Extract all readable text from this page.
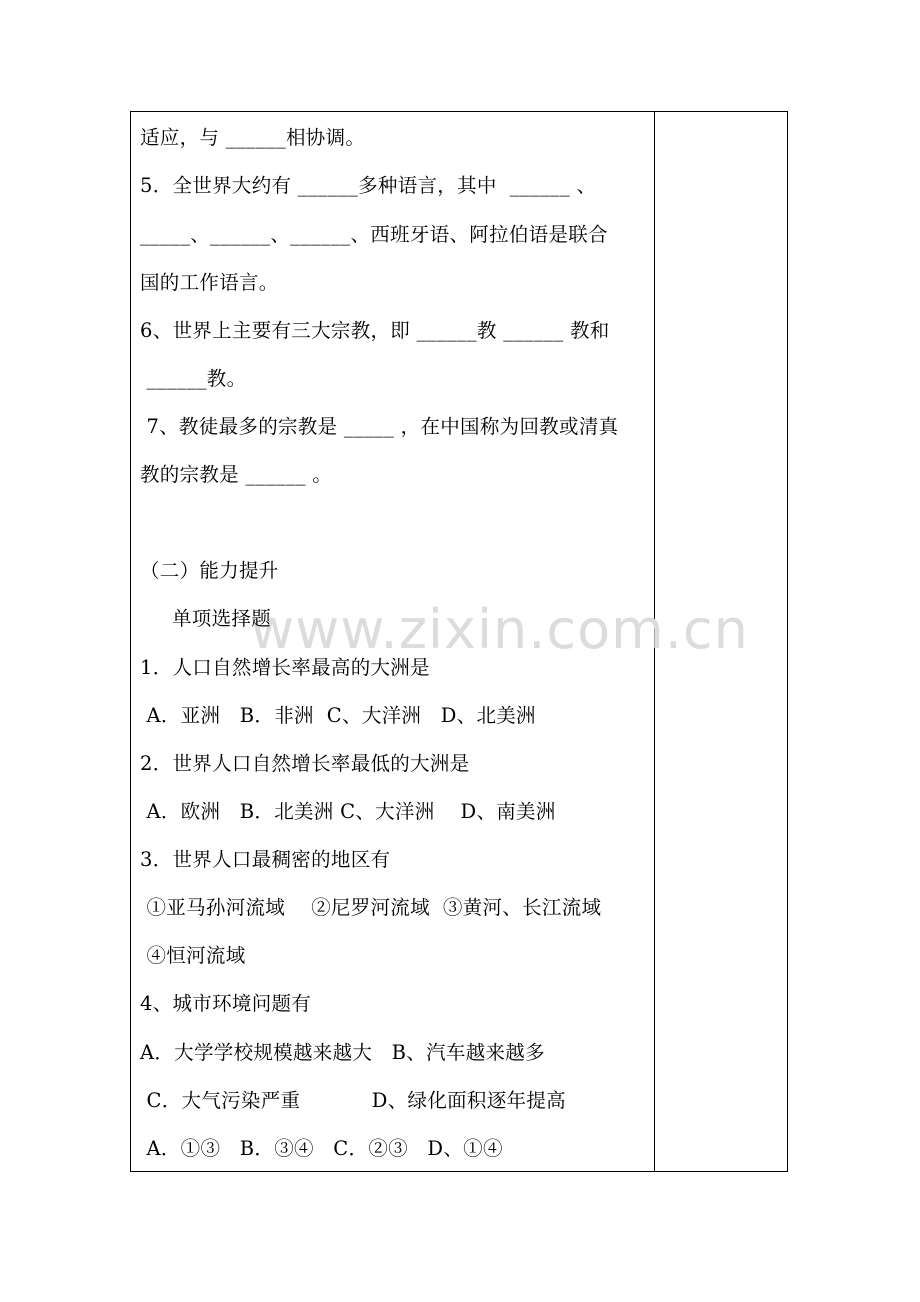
www.zixin.com.cn
适应，与 ______相协调。
5．全世界大约有 ______多种语言，其中  ______ 、
_____、______、______、西班牙语、阿拉伯语是联合
国的工作语言。
6、世界上主要有三大宗教，即 ______教 ______ 教和
______教。
7、教徒最多的宗教是 _____ ，在中国称为回教或清真
教的宗教是 ______ 。
（二）能力提升
单项选择题
1．人口自然增长率最高的大洲是
A．亚洲   B．非洲  C、大洋洲   D、北美洲
2．世界人口自然增长率最低的大洲是
A．欧洲   B．北美洲 C、大洋洲    D、南美洲
3．世界人口最稠密的地区有
①亚马孙河流域    ②尼罗河流域  ③黄河、长江流域
④恒河流域
4、城市环境问题有
A．大学学校规模越来越大   B、汽车越来越多
C．大气污染严重           D、绿化面积逐年提高
A．①③   B．③④   C．②③   D、①④
